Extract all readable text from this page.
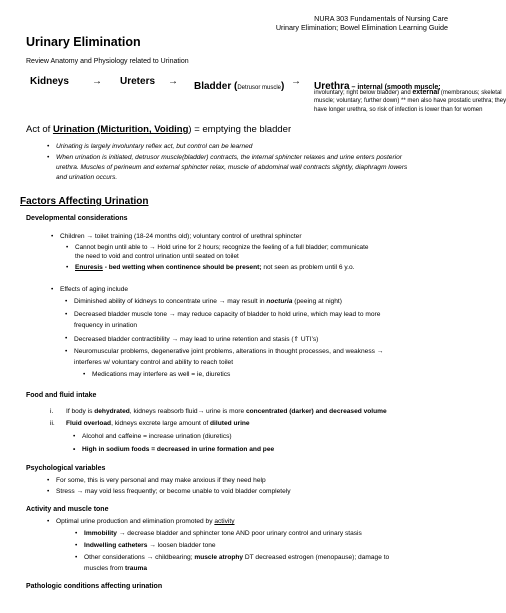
NURA 303 Fundamentals of Nursing Care
Urinary Elimination; Bowel Elimination Learning Guide
Urinary Elimination
Review Anatomy and Physiology related to Urination
Kidneys → Ureters → Bladder (Detrusor muscle) → Urethra – internal (smooth muscle;
involuntary; right below bladder) and external (membranous; skeletal
muscle; voluntary; further down) ** men also have prostatic urethra; they
have longer urethra, so risk of infection is lower than for women
Act of Urination (Micturition, Voiding) = emptying the bladder
• Urinating is largely involuntary reflex act, but control can be learned
• When urination is initiated, detrusor muscle(bladder) contracts, the internal sphincter relaxes and urine enters posterior
urethra. Muscles of perineum and external sphincter relax, muscle of abdominal wall contracts slightly, diaphragm lowers
and urination occurs.
Factors Affecting Urination
Developmental considerations
• Children → toilet training (18-24 months old); voluntary control of urethral sphincter
• Cannot begin until able to → Hold urine for 2 hours; recognize the feeling of a full bladder; communicate
the need to void and control urination until seated on toilet
• Enuresis - bed wetting when continence should be present; not seen as problem until 6 y.o.
• Effects of aging include
• Diminished ability of kidneys to concentrate urine → may result in nocturia (peeing at night)
• Decreased bladder muscle tone → may reduce capacity of bladder to hold urine, which may lead to more
frequency in urination
• Decreased bladder contractibility → may lead to urine retention and stasis (⇑ UTI’s)
• Neuromuscular problems, degenerative joint problems, alterations in thought processes, and weakness →
interferes w/ voluntary control and ability to reach toilet
• Medications may interfere as well = ie, diuretics
Food and fluid intake
i. If body is dehydrated, kidneys reabsorb fluid→ urine is more concentrated (darker) and decreased volume
ii. Fluid overload, kidneys excrete large amount of diluted urine
• Alcohol and caffeine = increase urination (diuretics)
• High in sodium foods = decreased in urine formation and pee
Psychological variables
• For some, this is very personal and may make anxious if they need help
• Stress → may void less frequently; or become unable to void bladder completely
Activity and muscle tone
• Optimal urine production and elimination promoted by activity
• Immobility → decrease bladder and sphincter tone AND poor urinary control and urinary stasis
• Indwelling catheters → loosen bladder tone
• Other considerations → childbearing; muscle atrophy DT decreased estrogen (menopause); damage to
muscles from trauma
Pathologic conditions affecting urination
